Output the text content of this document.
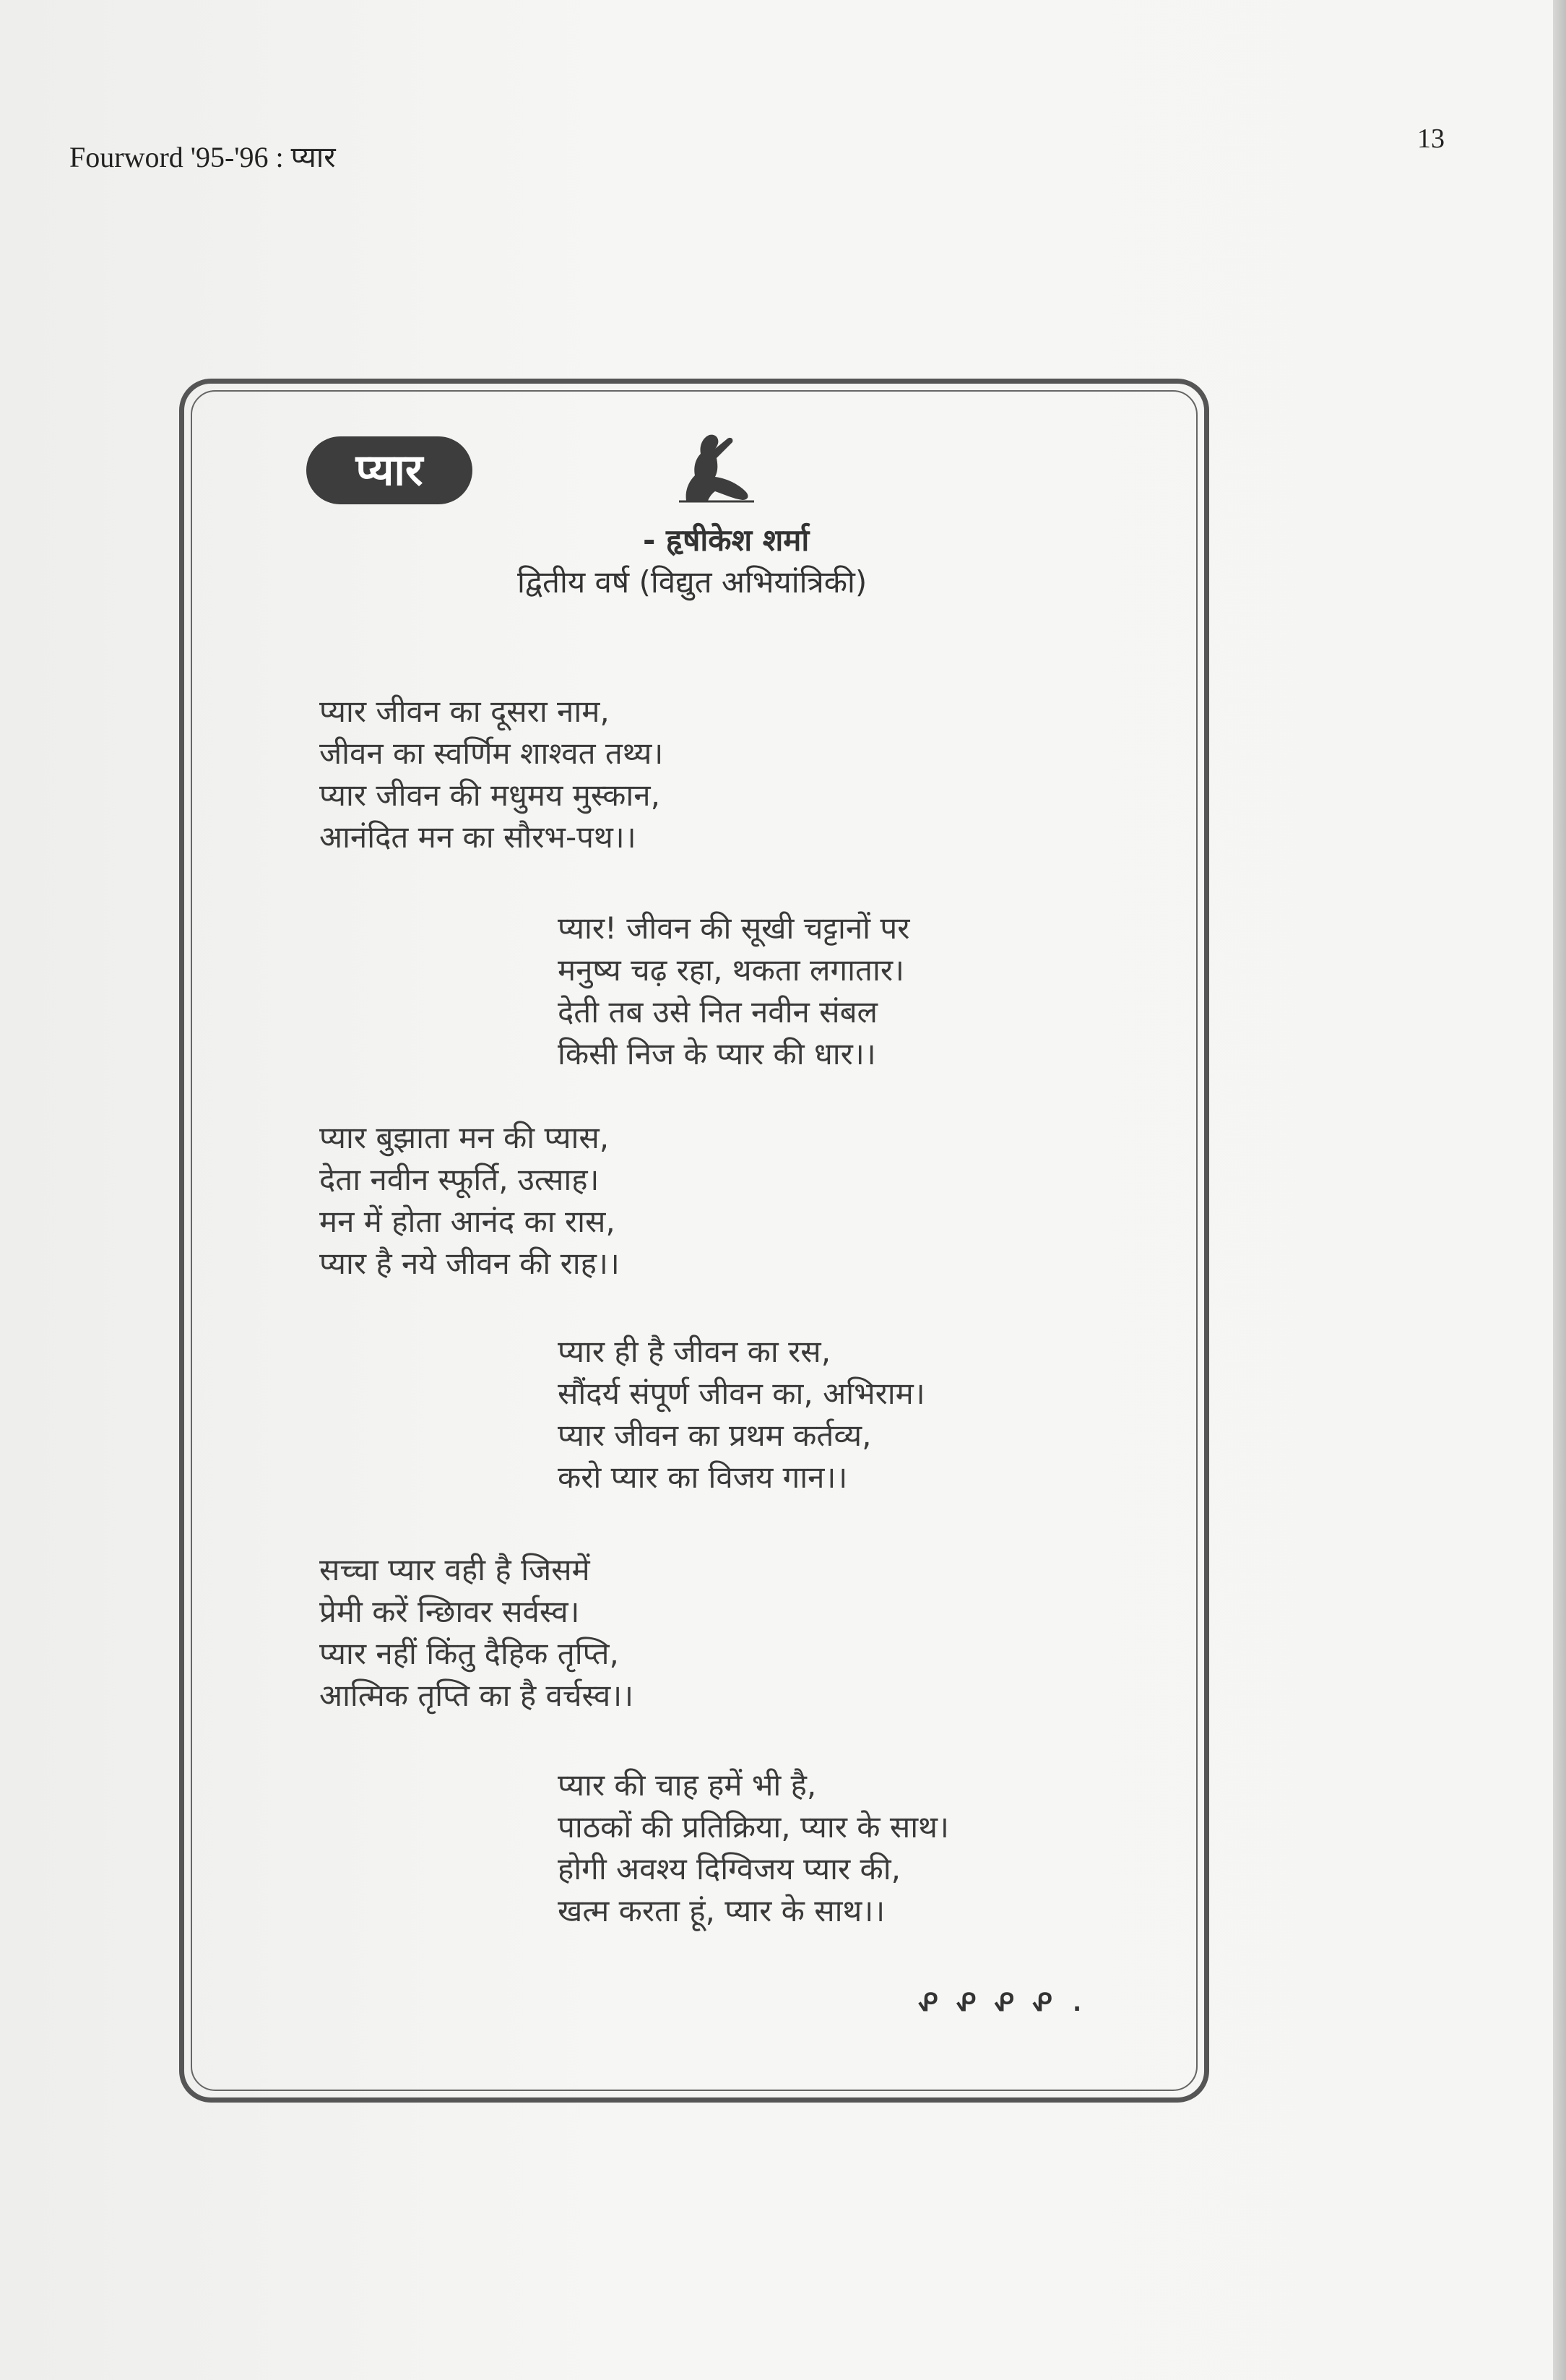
Fourword '95-'96 : प्यार
13
प्यार
- हृषीकेश शर्मा
द्वितीय वर्ष (विद्युत अभियांत्रिकी)
प्यार जीवन का दूसरा नाम,
जीवन का स्वर्णिम शाश्वत तथ्य।
प्यार जीवन की मधुमय मुस्कान,
आनंदित मन का सौरभ-पथ।।
प्यार! जीवन की सूखी चट्टानों पर
मनुष्य चढ़ रहा, थकता लगातार।
देती तब उसे नित नवीन संबल
किसी निज के प्यार की धार।।
प्यार बुझाता मन की प्यास,
देता नवीन स्फूर्ति, उत्साह।
मन में होता आनंद का रास,
प्यार है नये जीवन की राह।।
प्यार ही है जीवन का रस,
सौंदर्य संपूर्ण जीवन का, अभिराम।
प्यार जीवन का प्रथम कर्तव्य,
करो प्यार का विजय गान।।
सच्चा प्यार वही है जिसमें
प्रेमी करें न्छािवर सर्वस्व।
प्यार नहीं किंतु दैहिक तृप्ति,
आत्मिक तृप्ति का है वर्चस्व।।
प्यार की चाह हमें भी है,
पाठकों की प्रतिक्रिया, प्यार के साथ।
होगी अवश्य दिग्विजय प्यार की,
खत्म करता हूं, प्यार के साथ।।
ᕵ ᕵ ᕵ ᕵ .
